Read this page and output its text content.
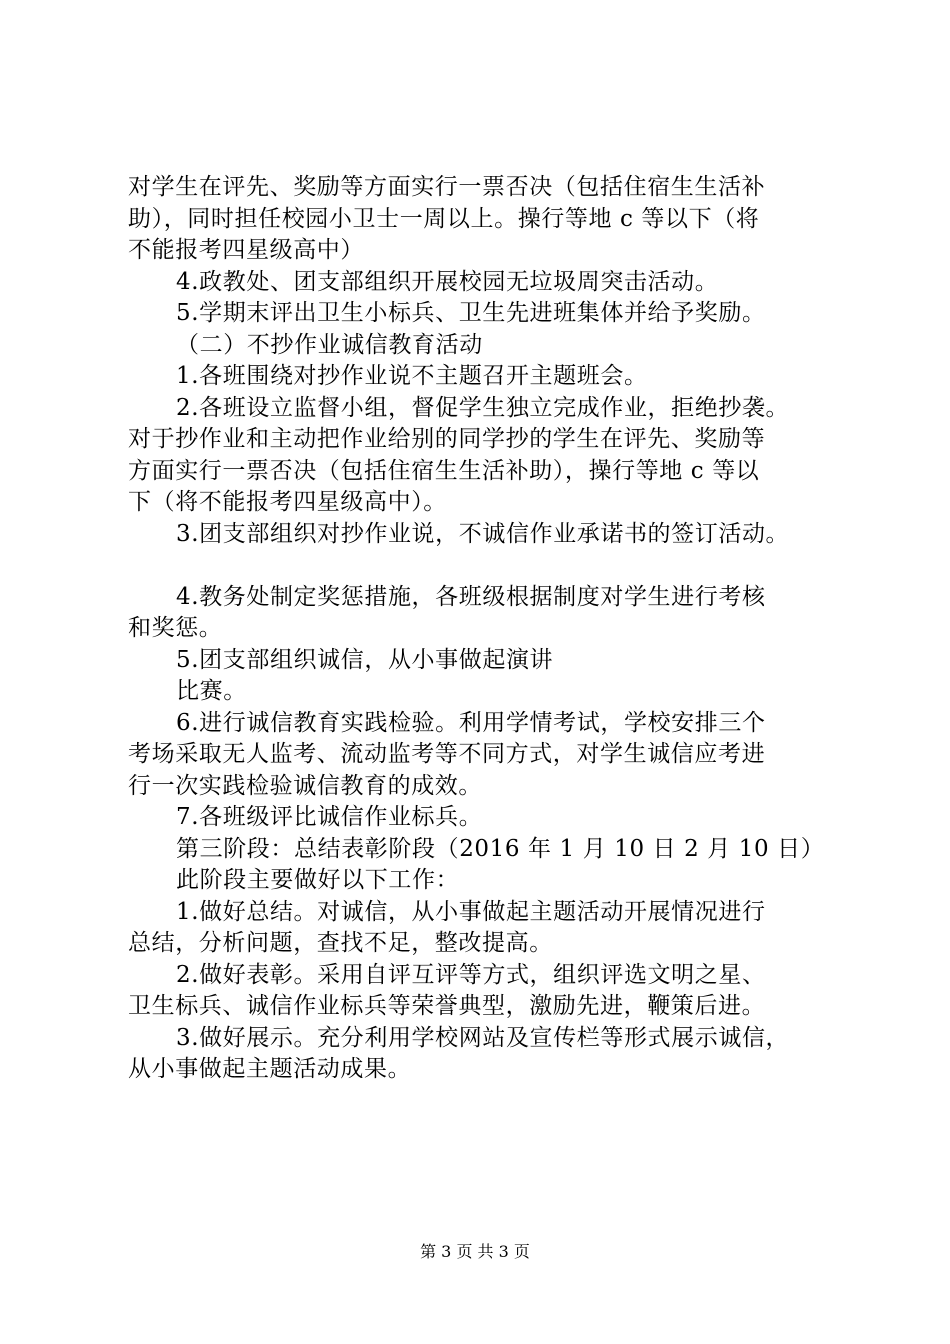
对学生在评先、奖励等方面实行一票否决（包括住宿生生活补
助），同时担任校园小卫士一周以上。操行等地 c 等以下（将
不能报考四星级高中）
4.政教处、团支部组织开展校园无垃圾周突击活动。
5.学期末评出卫生小标兵、卫生先进班集体并给予奖励。
（二）不抄作业诚信教育活动
1.各班围绕对抄作业说不主题召开主题班会。
2.各班设立监督小组，督促学生独立完成作业，拒绝抄袭。
对于抄作业和主动把作业给别的同学抄的学生在评先、奖励等
方面实行一票否决（包括住宿生生活补助），操行等地 c 等以
下（将不能报考四星级高中）。
3.团支部组织对抄作业说，不诚信作业承诺书的签订活动。
4.教务处制定奖惩措施，各班级根据制度对学生进行考核
和奖惩。
5.团支部组织诚信，从小事做起演讲
比赛。
6.进行诚信教育实践检验。利用学情考试，学校安排三个
考场采取无人监考、流动监考等不同方式，对学生诚信应考进
行一次实践检验诚信教育的成效。
7.各班级评比诚信作业标兵。
第三阶段：总结表彰阶段（2016 年 1 月 10 日 2 月 10 日）
此阶段主要做好以下工作：
1.做好总结。对诚信，从小事做起主题活动开展情况进行
总结，分析问题，查找不足，整改提高。
2.做好表彰。采用自评互评等方式，组织评选文明之星、
卫生标兵、诚信作业标兵等荣誉典型，激励先进，鞭策后进。
3.做好展示。充分利用学校网站及宣传栏等形式展示诚信，
从小事做起主题活动成果。
第 3 页 共 3 页
